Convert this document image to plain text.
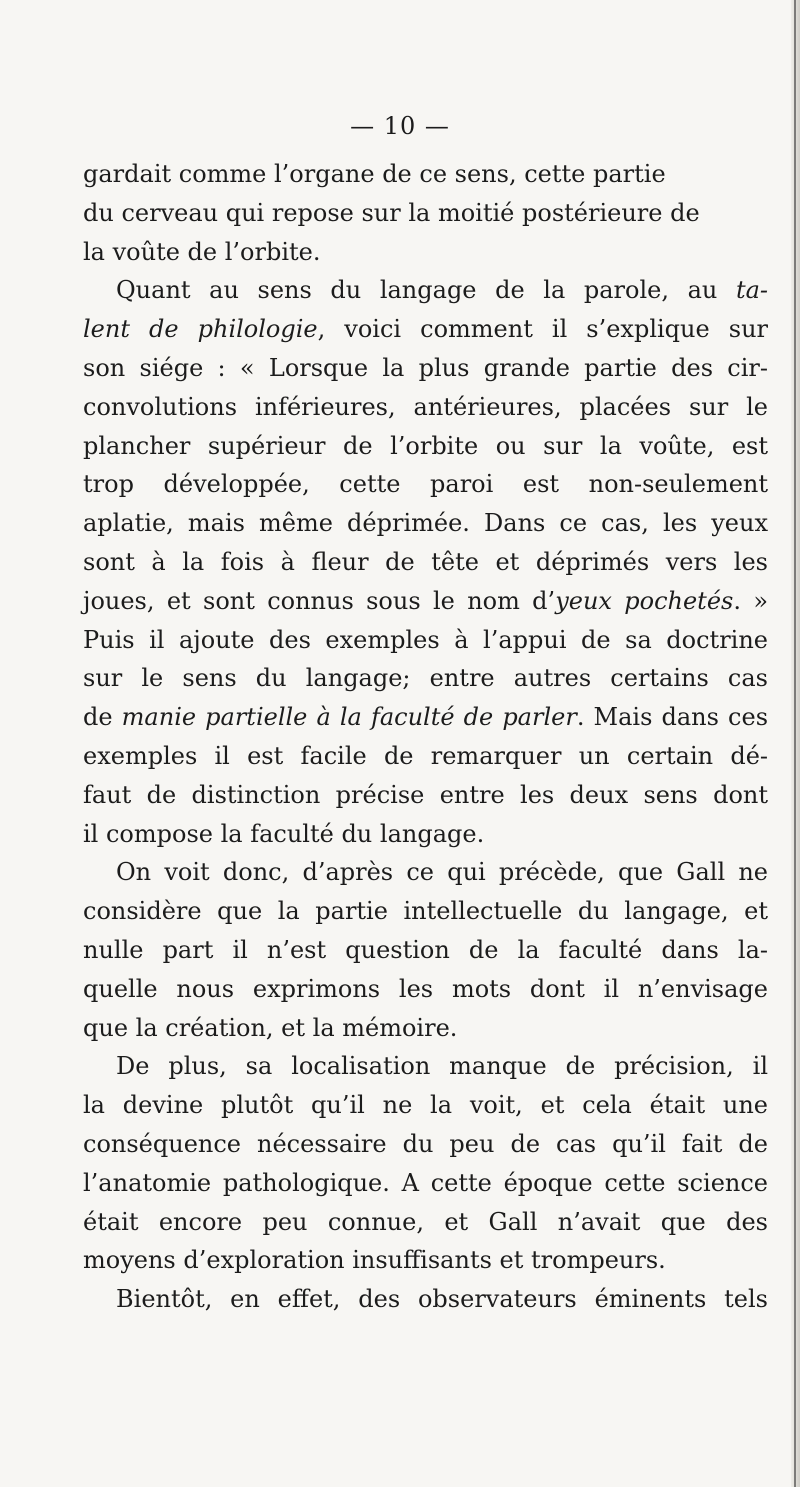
— 10 —
gardait comme l’organe de ce sens, cette partie
du cerveau qui repose sur la moitié postérieure de
la voûte de l’orbite.
Quant au sens du langage de la parole, au ta-
lent de philologie, voici comment il s’explique sur
son siége : « Lorsque la plus grande partie des cir-
convolutions inférieures, antérieures, placées sur le
plancher supérieur de l’orbite ou sur la voûte, est
trop développée, cette paroi est non-seulement
aplatie, mais même déprimée. Dans ce cas, les yeux
sont à la fois à fleur de tête et déprimés vers les
joues, et sont connus sous le nom d’yeux pochetés. »
Puis il ajoute des exemples à l’appui de sa doctrine
sur le sens du langage; entre autres certains cas
de manie partielle à la faculté de parler. Mais dans ces
exemples il est facile de remarquer un certain dé-
faut de distinction précise entre les deux sens dont
il compose la faculté du langage.
On voit donc, d’après ce qui précède, que Gall ne
considère que la partie intellectuelle du langage, et
nulle part il n’est question de la faculté dans la-
quelle nous exprimons les mots dont il n’envisage
que la création, et la mémoire.
De plus, sa localisation manque de précision, il
la devine plutôt qu’il ne la voit, et cela était une
conséquence nécessaire du peu de cas qu’il fait de
l’anatomie pathologique. A cette époque cette science
était encore peu connue, et Gall n’avait que des
moyens d’exploration insuffisants et trompeurs.
Bientôt, en effet, des observateurs éminents tels
